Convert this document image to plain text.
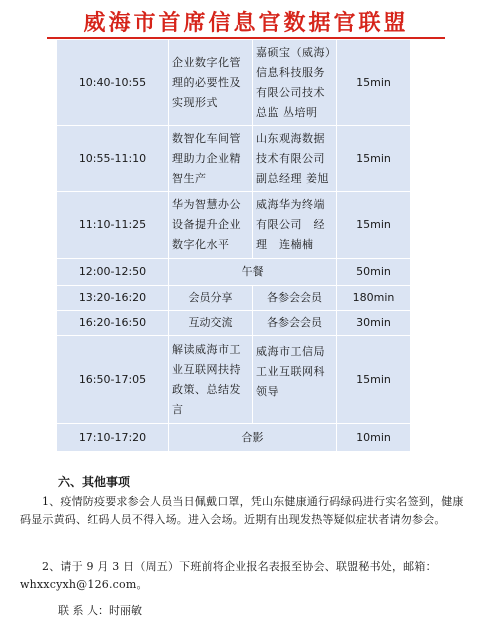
威海市首席信息官数据官联盟
10:40-10:55	企业数字化管理的必要性及实现形式	嘉硕宝（威海）信息科技服务有限公司技术总监 丛培明	15min
10:55-11:10	数智化车间管理助力企业精智生产	山东观海数据技术有限公司副总经理 姜旭	15min
11:10-11:25	华为智慧办公设备提升企业数字化水平	威海华为终端有限公司　经理　连楠楠	15min
12:00-12:50	午餐		50min
13:20-16:20	会员分享	各参会会员	180min
16:20-16:50	互动交流	各参会会员	30min
16:50-17:05	解读威海市工业互联网扶持政策、总结发言	威海市工信局工业互联网科领导	15min
17:10-17:20	合影		10min
六、其他事项
1、疫情防疫要求参会人员当日佩戴口罩，凭山东健康通行码绿码进行实名签到，健康码显示黄码、红码人员不得入场。进入会场。近期有出现发热等疑似症状者请勿参会。
2、请于 9 月 3 日（周五）下班前将企业报名表报至协会、联盟秘书处，邮箱：whxxcyxh@126.com。
联 系 人：时丽敏
